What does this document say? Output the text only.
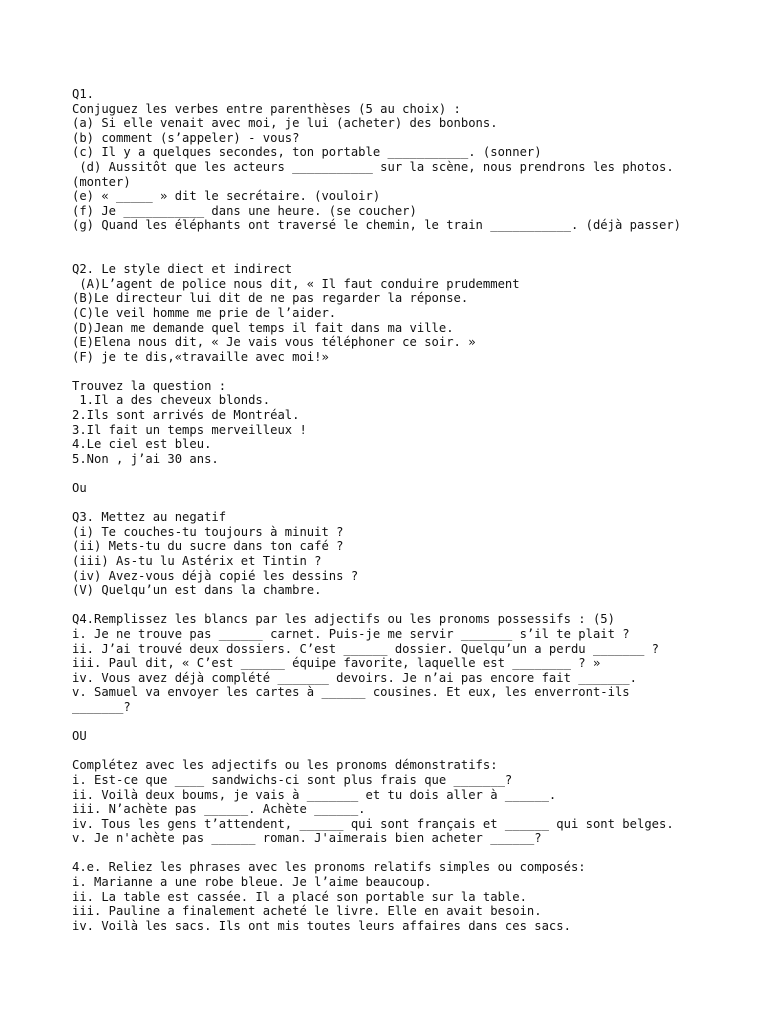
Q1.
Conjuguez les verbes entre parenthèses (5 au choix) :
(a) Si elle venait avec moi, je lui (acheter) des bonbons.
(b) comment (s’appeler) - vous?
(c) Il y a quelques secondes, ton portable ___________. (sonner)
(d) Aussitôt que les acteurs ___________ sur la scène, nous prendrons les photos.
(monter)
(e) « _____ » dit le secrétaire. (vouloir)
(f) Je ___________ dans une heure. (se coucher)
(g) Quand les éléphants ont traversé le chemin, le train ___________. (déjà passer)
Q2. Le style diect et indirect
(A)L’agent de police nous dit, « Il faut conduire prudemment
(B)Le directeur lui dit de ne pas regarder la réponse.
(C)le veil homme me prie de l’aider.
(D)Jean me demande quel temps il fait dans ma ville.
(E)Elena nous dit, « Je vais vous téléphoner ce soir. »
(F) je te dis,«travaille avec moi!»
Trouvez la question :
1.Il a des cheveux blonds.
2.Ils sont arrivés de Montréal.
3.Il fait un temps merveilleux !
4.Le ciel est bleu.
5.Non , j’ai 30 ans.
Ou
Q3. Mettez au negatif
(i) Te couches-tu toujours à minuit ?
(ii) Mets-tu du sucre dans ton café ?
(iii) As-tu lu Astérix et Tintin ?
(iv) Avez-vous déjà copié les dessins ?
(V) Quelqu’un est dans la chambre.
Q4.Remplissez les blancs par les adjectifs ou les pronoms possessifs : (5)
i. Je ne trouve pas ______ carnet. Puis-je me servir _______ s’il te plait ?
ii. J’ai trouvé deux dossiers. C’est ______ dossier. Quelqu’un a perdu _______ ?
iii. Paul dit, « C’est ______ équipe favorite, laquelle est ________ ? »
iv. Vous avez déjà complété _______ devoirs. Je n’ai pas encore fait _______.
v. Samuel va envoyer les cartes à ______ cousines. Et eux, les enverront-ils
_______?
OU
Complétez avec les adjectifs ou les pronoms démonstratifs:
i. Est-ce que ____ sandwichs-ci sont plus frais que _______?
ii. Voilà deux boums, je vais à _______ et tu dois aller à ______.
iii. N’achète pas ______. Achète ______.
iv. Tous les gens t’attendent, ______ qui sont français et ______ qui sont belges.
v. Je n'achète pas ______ roman. J'aimerais bien acheter ______?
4.e. Reliez les phrases avec les pronoms relatifs simples ou composés:
i. Marianne a une robe bleue. Je l’aime beaucoup.
ii. La table est cassée. Il a placé son portable sur la table.
iii. Pauline a finalement acheté le livre. Elle en avait besoin.
iv. Voilà les sacs. Ils ont mis toutes leurs affaires dans ces sacs.
